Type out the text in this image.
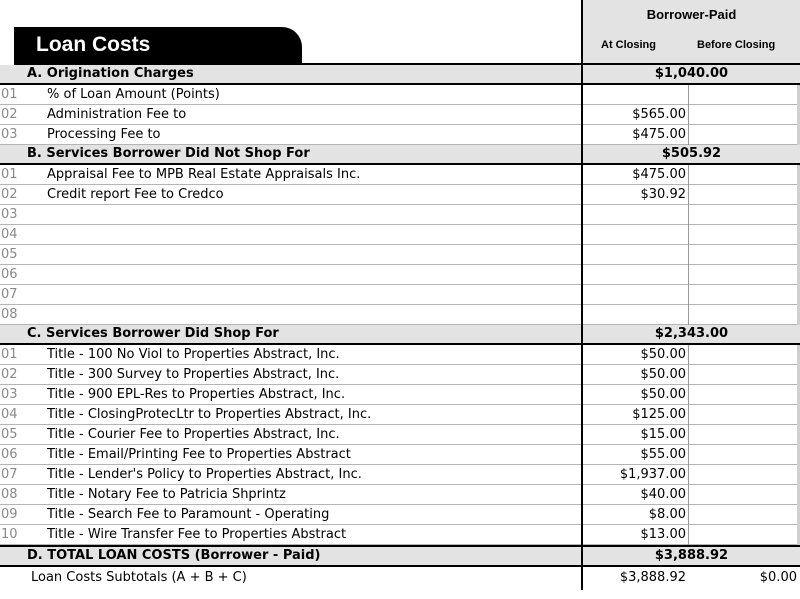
Loan Costs
Borrower-Paid
At Closing	Before Closing
A. Origination Charges	$1,040.00
01	% of Loan Amount (Points)
02	Administration Fee to	$565.00
03	Processing Fee to	$475.00
B. Services Borrower Did Not Shop For	$505.92
01	Appraisal Fee to MPB Real Estate Appraisals Inc.	$475.00
02	Credit report Fee to Credco	$30.92
03
04
05
06
07
08
C. Services Borrower Did Shop For	$2,343.00
01	Title - 100 No Viol to Properties Abstract, Inc.	$50.00
02	Title - 300 Survey to Properties Abstract, Inc.	$50.00
03	Title - 900 EPL-Res to Properties Abstract, Inc.	$50.00
04	Title - ClosingProtecLtr to Properties Abstract, Inc.	$125.00
05	Title - Courier Fee to Properties Abstract, Inc.	$15.00
06	Title - Email/Printing Fee to Properties Abstract	$55.00
07	Title - Lender's Policy to Properties Abstract, Inc.	$1,937.00
08	Title - Notary Fee to Patricia Shprintz	$40.00
09	Title - Search Fee to Paramount - Operating	$8.00
10	Title - Wire Transfer Fee to Properties Abstract	$13.00
D. TOTAL LOAN COSTS (Borrower - Paid)	$3,888.92
Loan Costs Subtotals (A + B + C)	$3,888.92	$0.00
